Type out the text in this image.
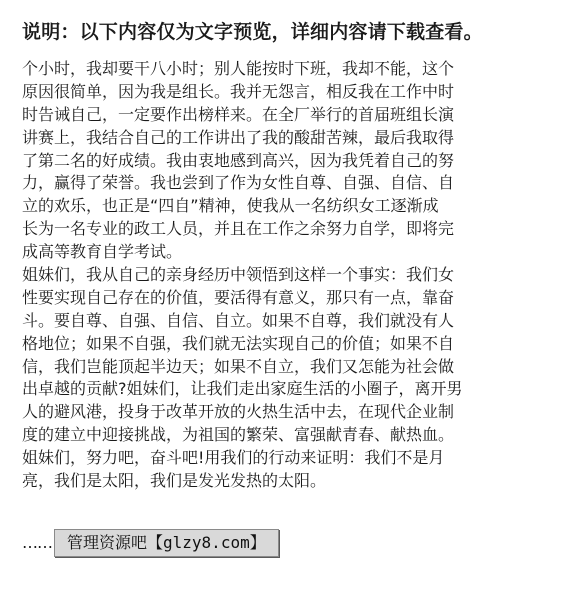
说明：以下内容仅为文字预览，详细内容请下载查看。
个小时，我却要干八小时；别人能按时下班，我却不能，这个
原因很简单，因为我是组长。我并无怨言，相反我在工作中时
时告诫自己，一定要作出榜样来。在全厂举行的首届班组长演
讲赛上，我结合自己的工作讲出了我的酸甜苦辣，最后我取得
了第二名的好成绩。我由衷地感到高兴，因为我凭着自己的努
力，赢得了荣誉。我也尝到了作为女性自尊、自强、自信、自
立的欢乐，也正是“四自”精神，使我从一名纺织女工逐渐成
长为一名专业的政工人员，并且在工作之余努力自学，即将完
成高等教育自学考试。
姐妹们，我从自己的亲身经历中领悟到这样一个事实：我们女
性要实现自己存在的价值，要活得有意义，那只有一点，靠奋
斗。要自尊、自强、自信、自立。如果不自尊，我们就没有人
格地位；如果不自强，我们就无法实现自己的价值；如果不自
信，我们岂能顶起半边天；如果不自立，我们又怎能为社会做
出卓越的贡献?姐妹们，让我们走出家庭生活的小圈子，离开男
人的避风港，投身于改革开放的火热生活中去，在现代企业制
度的建立中迎接挑战，为祖国的繁荣、富强献青春、献热血。
姐妹们，努力吧，奋斗吧!用我们的行动来证明：我们不是月
亮，我们是太阳，我们是发光发热的太阳。
…… 管理资源吧【glzy8.com】
